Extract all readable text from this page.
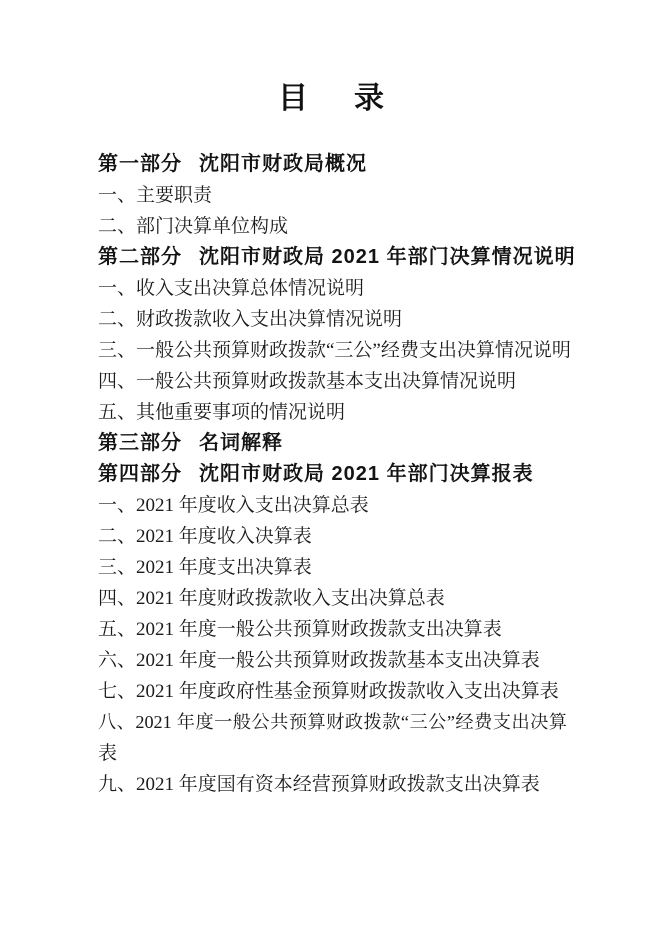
目 录
第一部分 沈阳市财政局概况
一、主要职责
二、部门决算单位构成
第二部分 沈阳市财政局 2021 年部门决算情况说明
一、收入支出决算总体情况说明
二、财政拨款收入支出决算情况说明
三、一般公共预算财政拨款“三公”经费支出决算情况说明
四、一般公共预算财政拨款基本支出决算情况说明
五、其他重要事项的情况说明
第三部分 名词解释
第四部分 沈阳市财政局 2021 年部门决算报表
一、2021 年度收入支出决算总表
二、2021 年度收入决算表
三、2021 年度支出决算表
四、2021 年度财政拨款收入支出决算总表
五、2021 年度一般公共预算财政拨款支出决算表
六、2021 年度一般公共预算财政拨款基本支出决算表
七、2021 年度政府性基金预算财政拨款收入支出决算表
八、2021 年度一般公共预算财政拨款“三公”经费支出决算
表
九、2021 年度国有资本经营预算财政拨款支出决算表
